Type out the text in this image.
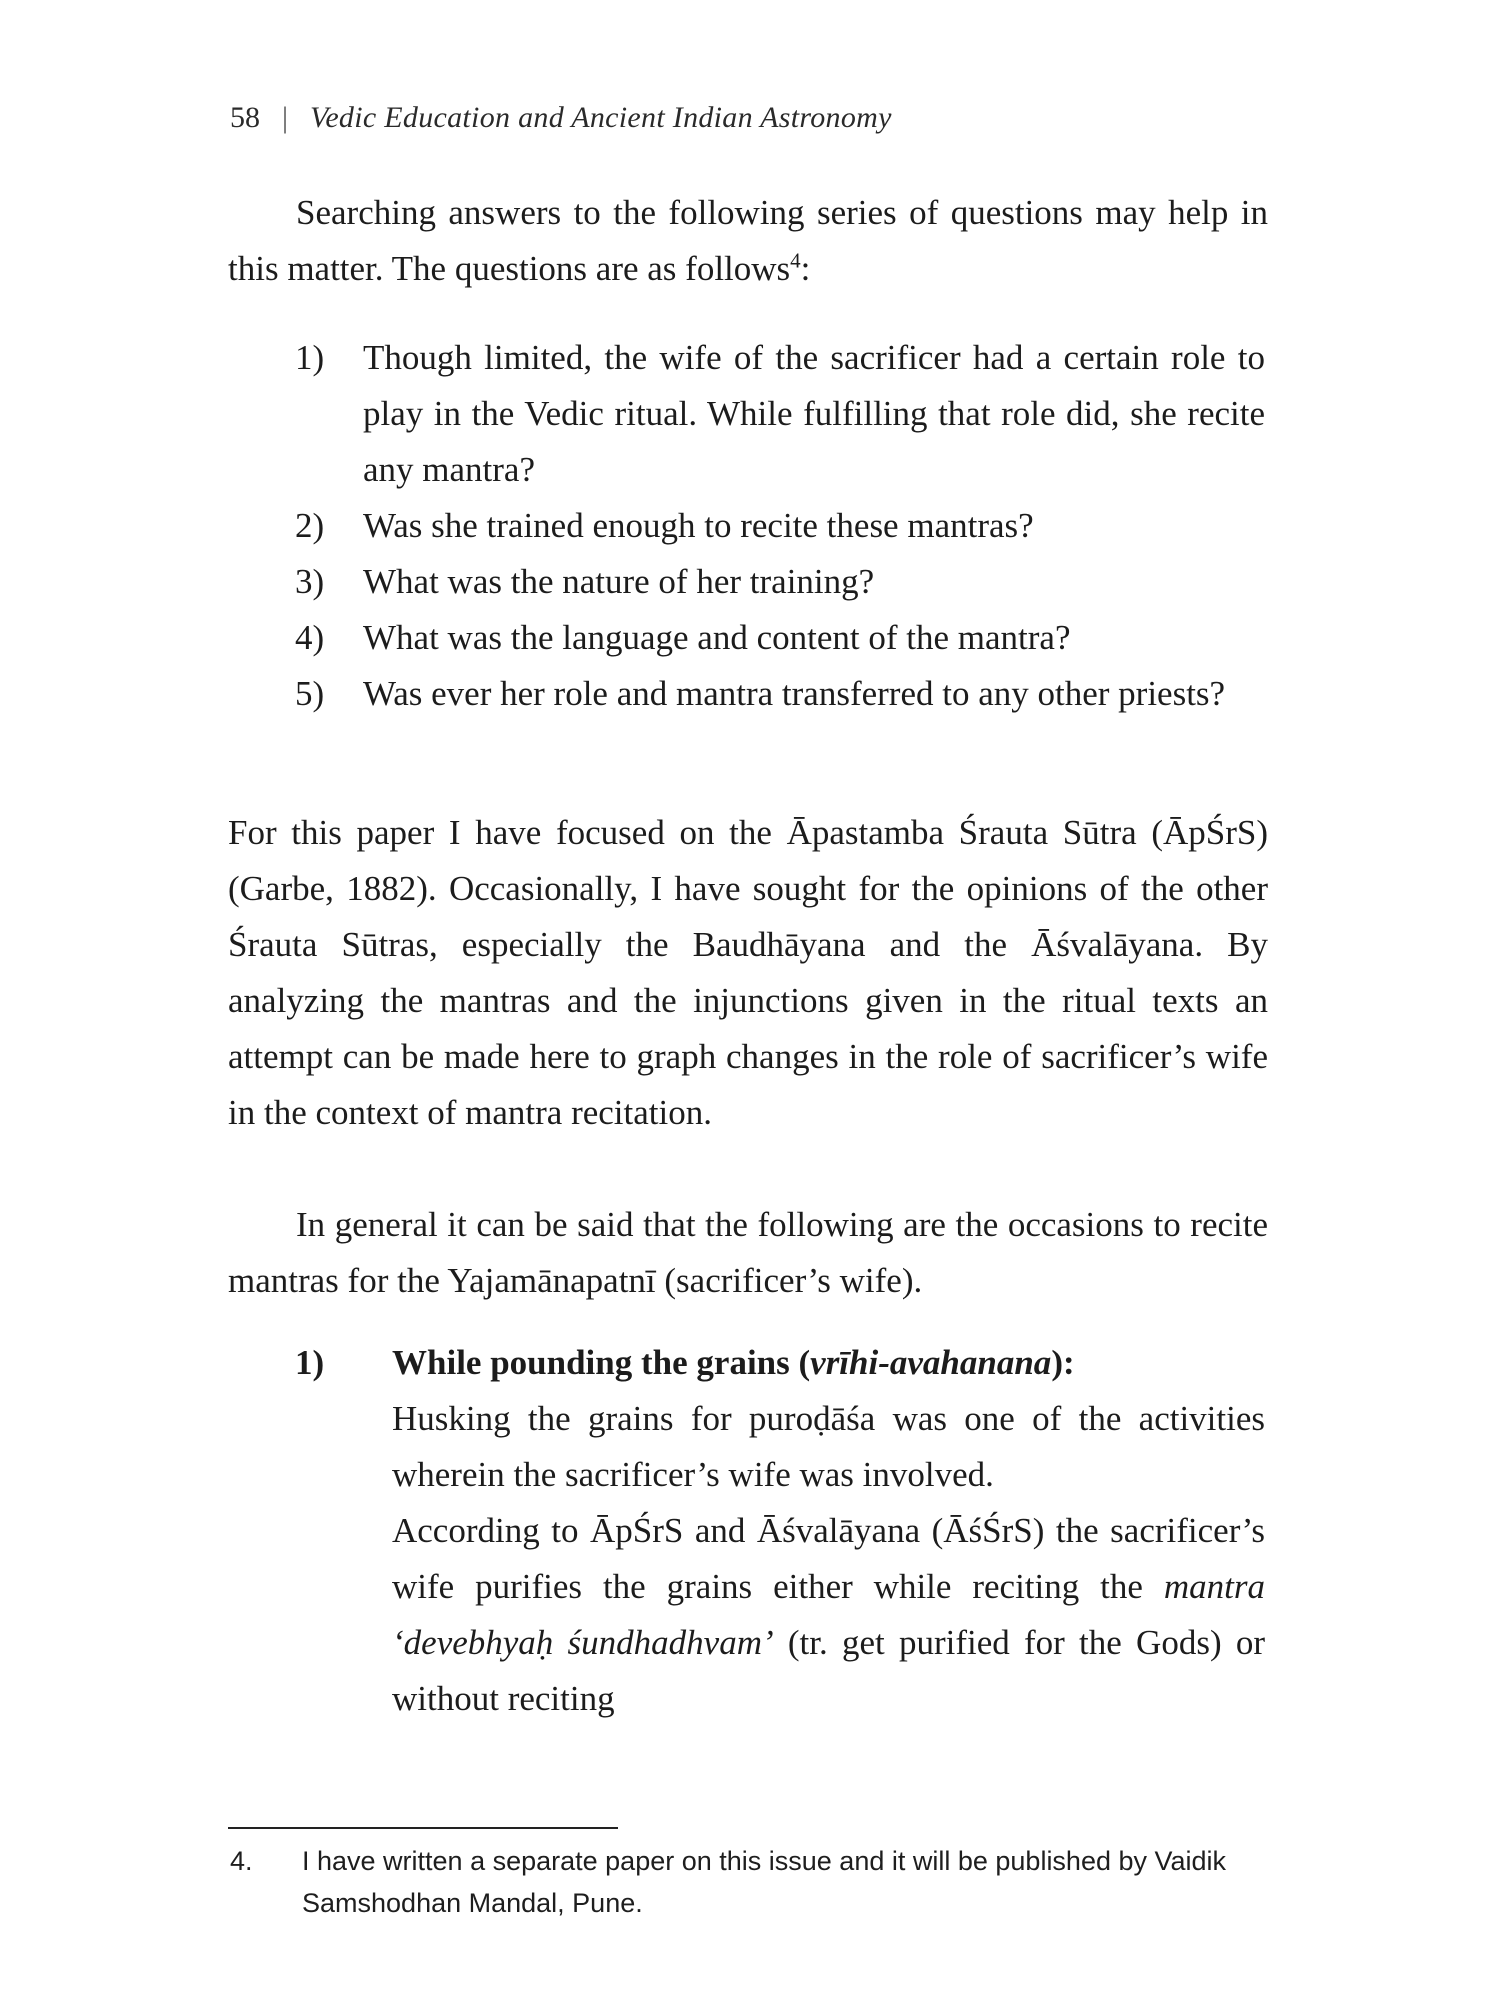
58 | Vedic Education and Ancient Indian Astronomy
Searching answers to the following series of questions may help in this matter. The questions are as follows$^4$:
1) Though limited, the wife of the sacrificer had a certain role to play in the Vedic ritual. While fulfilling that role did, she recite any mantra?
2) Was she trained enough to recite these mantras?
3) What was the nature of her training?
4) What was the language and content of the mantra?
5) Was ever her role and mantra transferred to any other priests?
For this paper I have focused on the Āpastamba Śrauta Sūtra (ĀpŚrS) (Garbe, 1882). Occasionally, I have sought for the opinions of the other Śrauta Sūtras, especially the Baudhāyana and the Āśvalāyana. By analyzing the mantras and the injunctions given in the ritual texts an attempt can be made here to graph changes in the role of sacrificer’s wife in the context of mantra recitation.
In general it can be said that the following are the occasions to recite mantras for the Yajamānapatnī (sacrificer’s wife).
1) While pounding the grains (vrīhi-avahanana):
Husking the grains for puroḍāśa was one of the activities wherein the sacrificer’s wife was involved.
According to ĀpŚrS and Āśvalāyana (ĀśŚrS) the sacrificer’s wife purifies the grains either while reciting the mantra ‘devebhyaḥ śundhadhvam’ (tr. get purified for the Gods) or without reciting
4.	I have written a separate paper on this issue and it will be published by Vaidik Samshodhan Mandal, Pune.
